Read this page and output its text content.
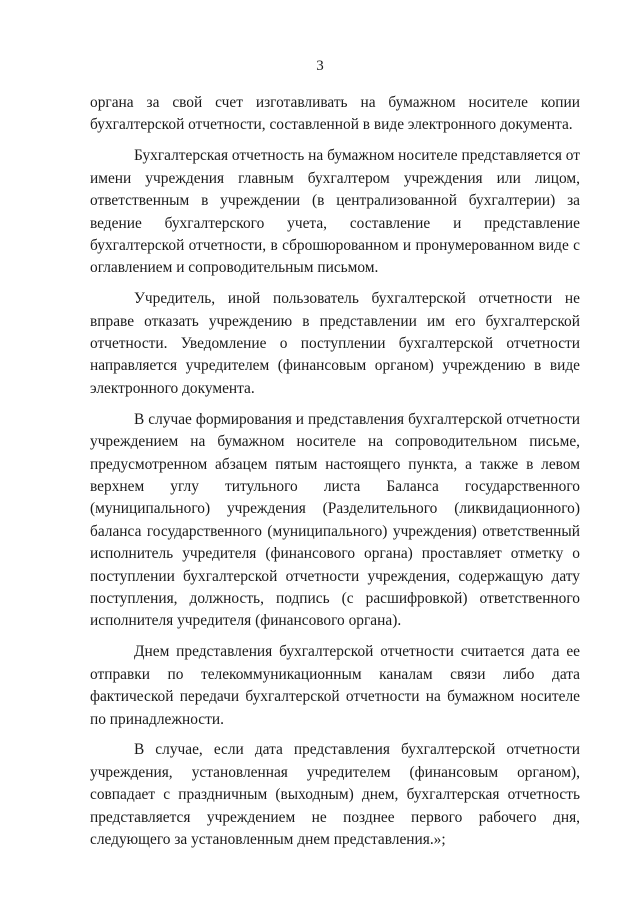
3

органа за свой счет изготавливать на бумажном носителе копии бухгалтерской отчетности, составленной в виде электронного документа.

Бухгалтерская отчетность на бумажном носителе представляется от имени учреждения главным бухгалтером учреждения или лицом, ответственным в учреждении (в централизованной бухгалтерии) за ведение бухгалтерского учета, составление и представление бухгалтерской отчетности, в сброшюрованном и пронумерованном виде с оглавлением и сопроводительным письмом.

Учредитель, иной пользователь бухгалтерской отчетности не вправе отказать учреждению в представлении им его бухгалтерской отчетности. Уведомление о поступлении бухгалтерской отчетности направляется учредителем (финансовым органом) учреждению в виде электронного документа.

В случае формирования и представления бухгалтерской отчетности учреждением на бумажном носителе на сопроводительном письме, предусмотренном абзацем пятым настоящего пункта, а также в левом верхнем углу титульного листа Баланса государственного (муниципального) учреждения (Разделительного (ликвидационного) баланса государственного (муниципального) учреждения) ответственный исполнитель учредителя (финансового органа) проставляет отметку о поступлении бухгалтерской отчетности учреждения, содержащую дату поступления, должность, подпись (с расшифровкой) ответственного исполнителя учредителя (финансового органа).

Днем представления бухгалтерской отчетности считается дата ее отправки по телекоммуникационным каналам связи либо дата фактической передачи бухгалтерской отчетности на бумажном носителе по принадлежности.

В случае, если дата представления бухгалтерской отчетности учреждения, установленная учредителем (финансовым органом), совпадает с праздничным (выходным) днем, бухгалтерская отчетность представляется учреждением не позднее первого рабочего дня, следующего за установленным днем представления.»;
